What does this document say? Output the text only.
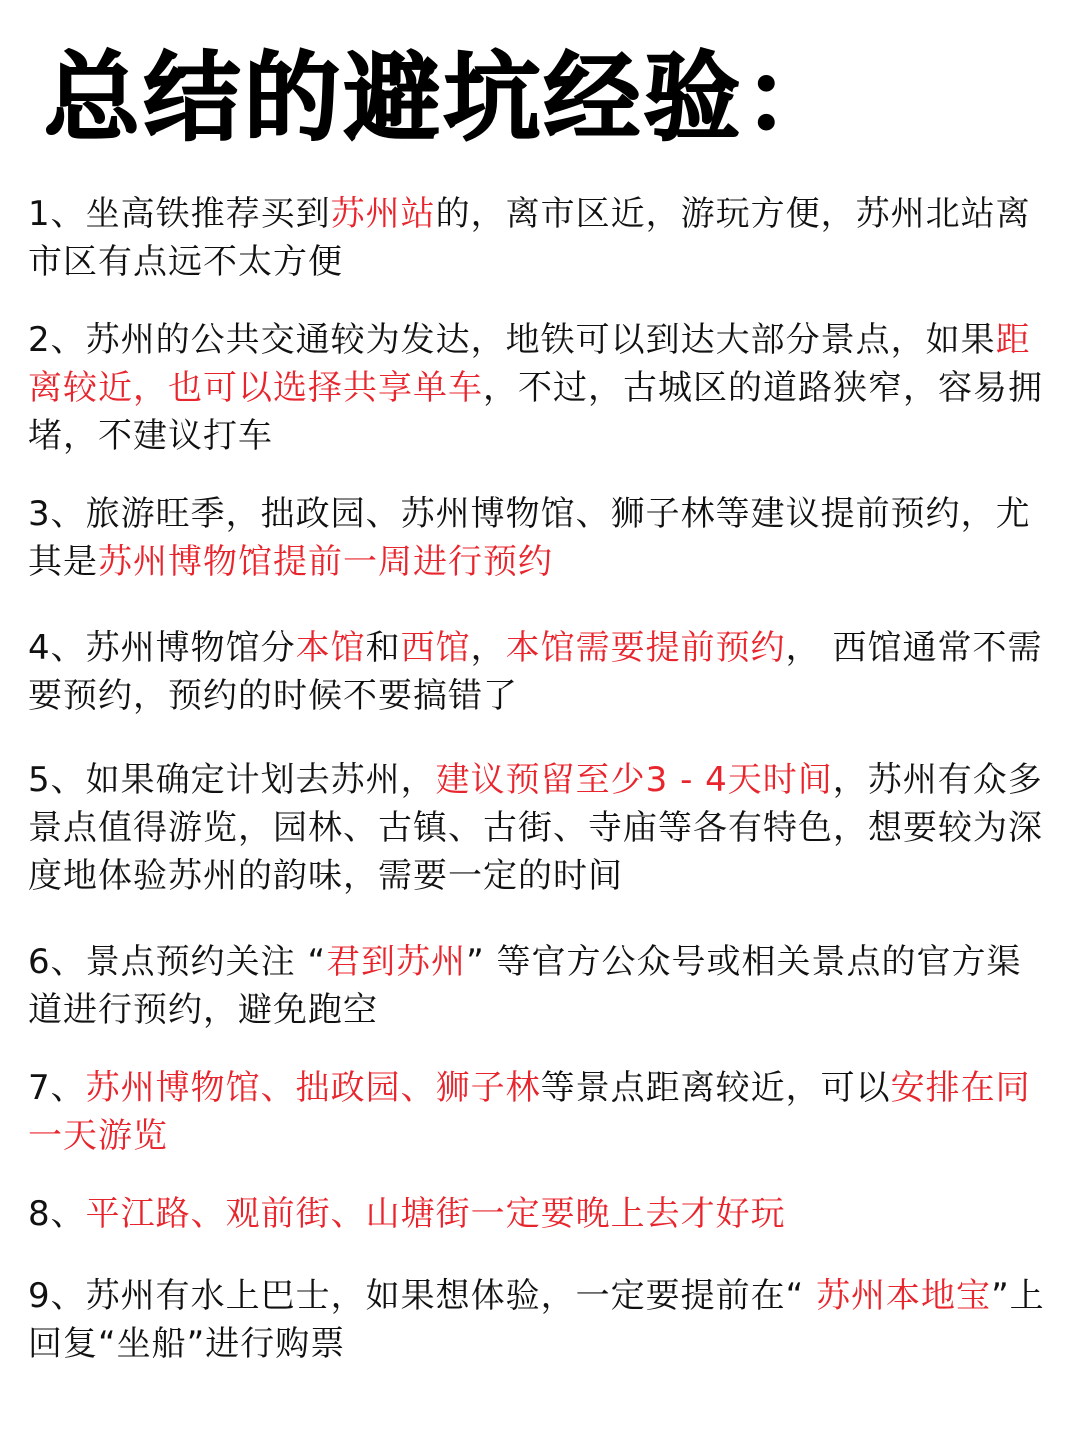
总结的避坑经验：

1、坐高铁推荐买到苏州站的，离市区近，游玩方便，苏州北站离市区有点远不太方便

2、苏州的公共交通较为发达，地铁可以到达大部分景点，如果距离较近，也可以选择共享单车，不过，古城区的道路狭窄，容易拥堵，不建议打车

3、旅游旺季，拙政园、苏州博物馆、狮子林等建议提前预约，尤其是苏州博物馆提前一周进行预约

4、苏州博物馆分本馆和西馆，本馆需要提前预约， 西馆通常不需要预约，预约的时候不要搞错了

5、如果确定计划去苏州，建议预留至少3 - 4天时间，苏州有众多景点值得游览，园林、古镇、古街、寺庙等各有特色，想要较为深度地体验苏州的韵味，需要一定的时间

6、景点预约关注 “君到苏州” 等官方公众号或相关景点的官方渠道进行预约，避免跑空

7、苏州博物馆、拙政园、狮子林等景点距离较近，可以安排在同一天游览

8、平江路、观前街、山塘街一定要晚上去才好玩

9、苏州有水上巴士，如果想体验，一定要提前在“ 苏州本地宝”上回复“坐船”进行购票
